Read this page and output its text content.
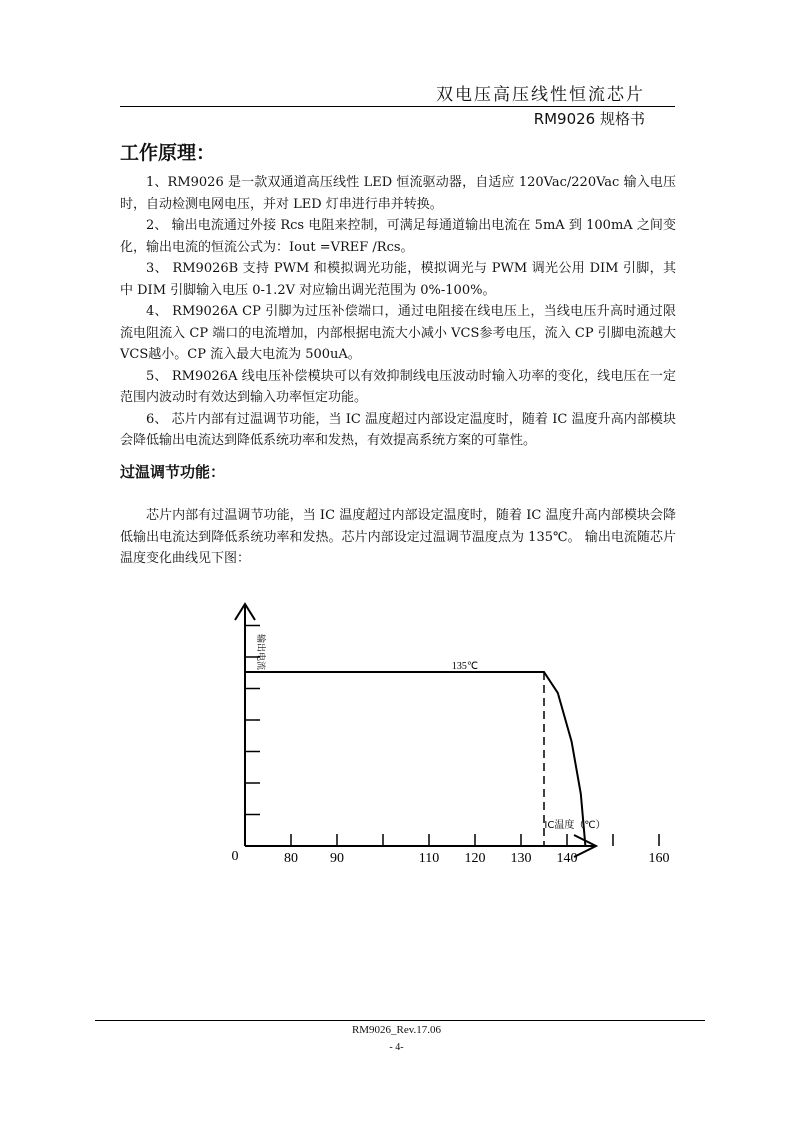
双电压高压线性恒流芯片
RM9026 规格书
工作原理：

1、RM9026 是一款双通道高压线性 LED 恒流驱动器，自适应 120Vac/220Vac 输入电压时，自动检测电网电压，并对 LED 灯串进行串并转换。

2、 输出电流通过外接 Rcs 电阻来控制，可满足每通道输出电流在 5mA 到 100mA 之间变化，输出电流的恒流公式为：Iout =VREF /Rcs。

3、 RM9026B 支持 PWM 和模拟调光功能，模拟调光与 PWM 调光公用 DIM 引脚，其中 DIM 引脚输入电压 0-1.2V 对应输出调光范围为 0%-100%。

4、 RM9026A CP 引脚为过压补偿端口，通过电阻接在线电压上，当线电压升高时通过限流电阻流入 CP 端口的电流增加，内部根据电流大小减小 VCS参考电压，流入 CP 引脚电流越大 VCS越小。CP 流入最大电流为 500uA。

5、 RM9026A 线电压补偿模块可以有效抑制线电压波动时输入功率的变化，线电压在一定范围内波动时有效达到输入功率恒定功能。

6、 芯片内部有过温调节功能，当 IC 温度超过内部设定温度时，随着 IC 温度升高内部模块会降低输出电流达到降低系统功率和发热，有效提高系统方案的可靠性。

过温调节功能：

芯片内部有过温调节功能，当 IC 温度超过内部设定温度时，随着 IC 温度升高内部模块会降低输出电流达到降低系统功率和发热。芯片内部设定过温调节温度点为 135℃。 输出电流随芯片温度变化曲线见下图：

80 90	110 120 130 140	160
0
输出电流
IC温度（℃）
135℃
RM9026_Rev.17.06
- 4-
